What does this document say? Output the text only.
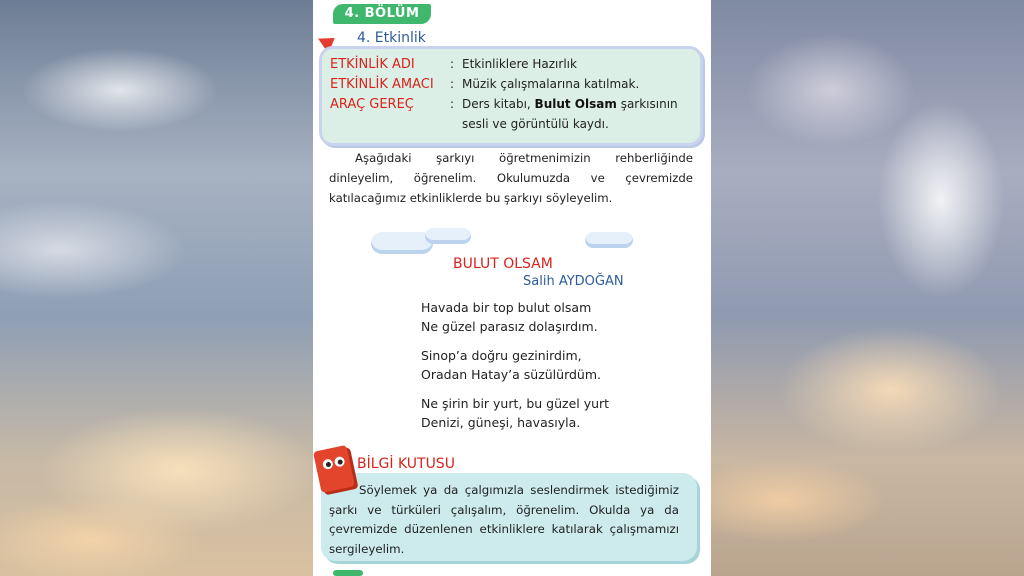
4. BÖLÜM
4. Etkinlik
ETKİNLİK ADI	: Etkinliklere Hazırlık
ETKİNLİK AMACI : Müzik çalışmalarına katılmak.
ARAÇ GEREÇ	: Ders kitabı, Bulut Olsam şarkısının
sesli ve görüntülü kaydı.
Aşağıdaki şarkıyı öğretmenimizin rehberliğinde dinleyelim, öğrenelim. Okulumuzda ve çevremizde katılacağımız etkinliklerde bu şarkıyı söyleyelim.
BULUT OLSAM
Salih AYDOĞAN
Havada bir top bulut olsam
Ne güzel parasız dolaşırdım.
Sinop’a doğru gezinirdim,
Oradan Hatay’a süzülürdüm.
Ne şirin bir yurt, bu güzel yurt
Denizi, güneşi, havasıyla.
Söylemek ya da çalgımızla seslendirmek istediğimiz şarkı ve türküleri çalışalım, öğrenelim. Okulda ya da çevremizde düzenlenen etkinliklere katılarak çalışmamızı sergileyelim.
BİLGİ KUTUSU
